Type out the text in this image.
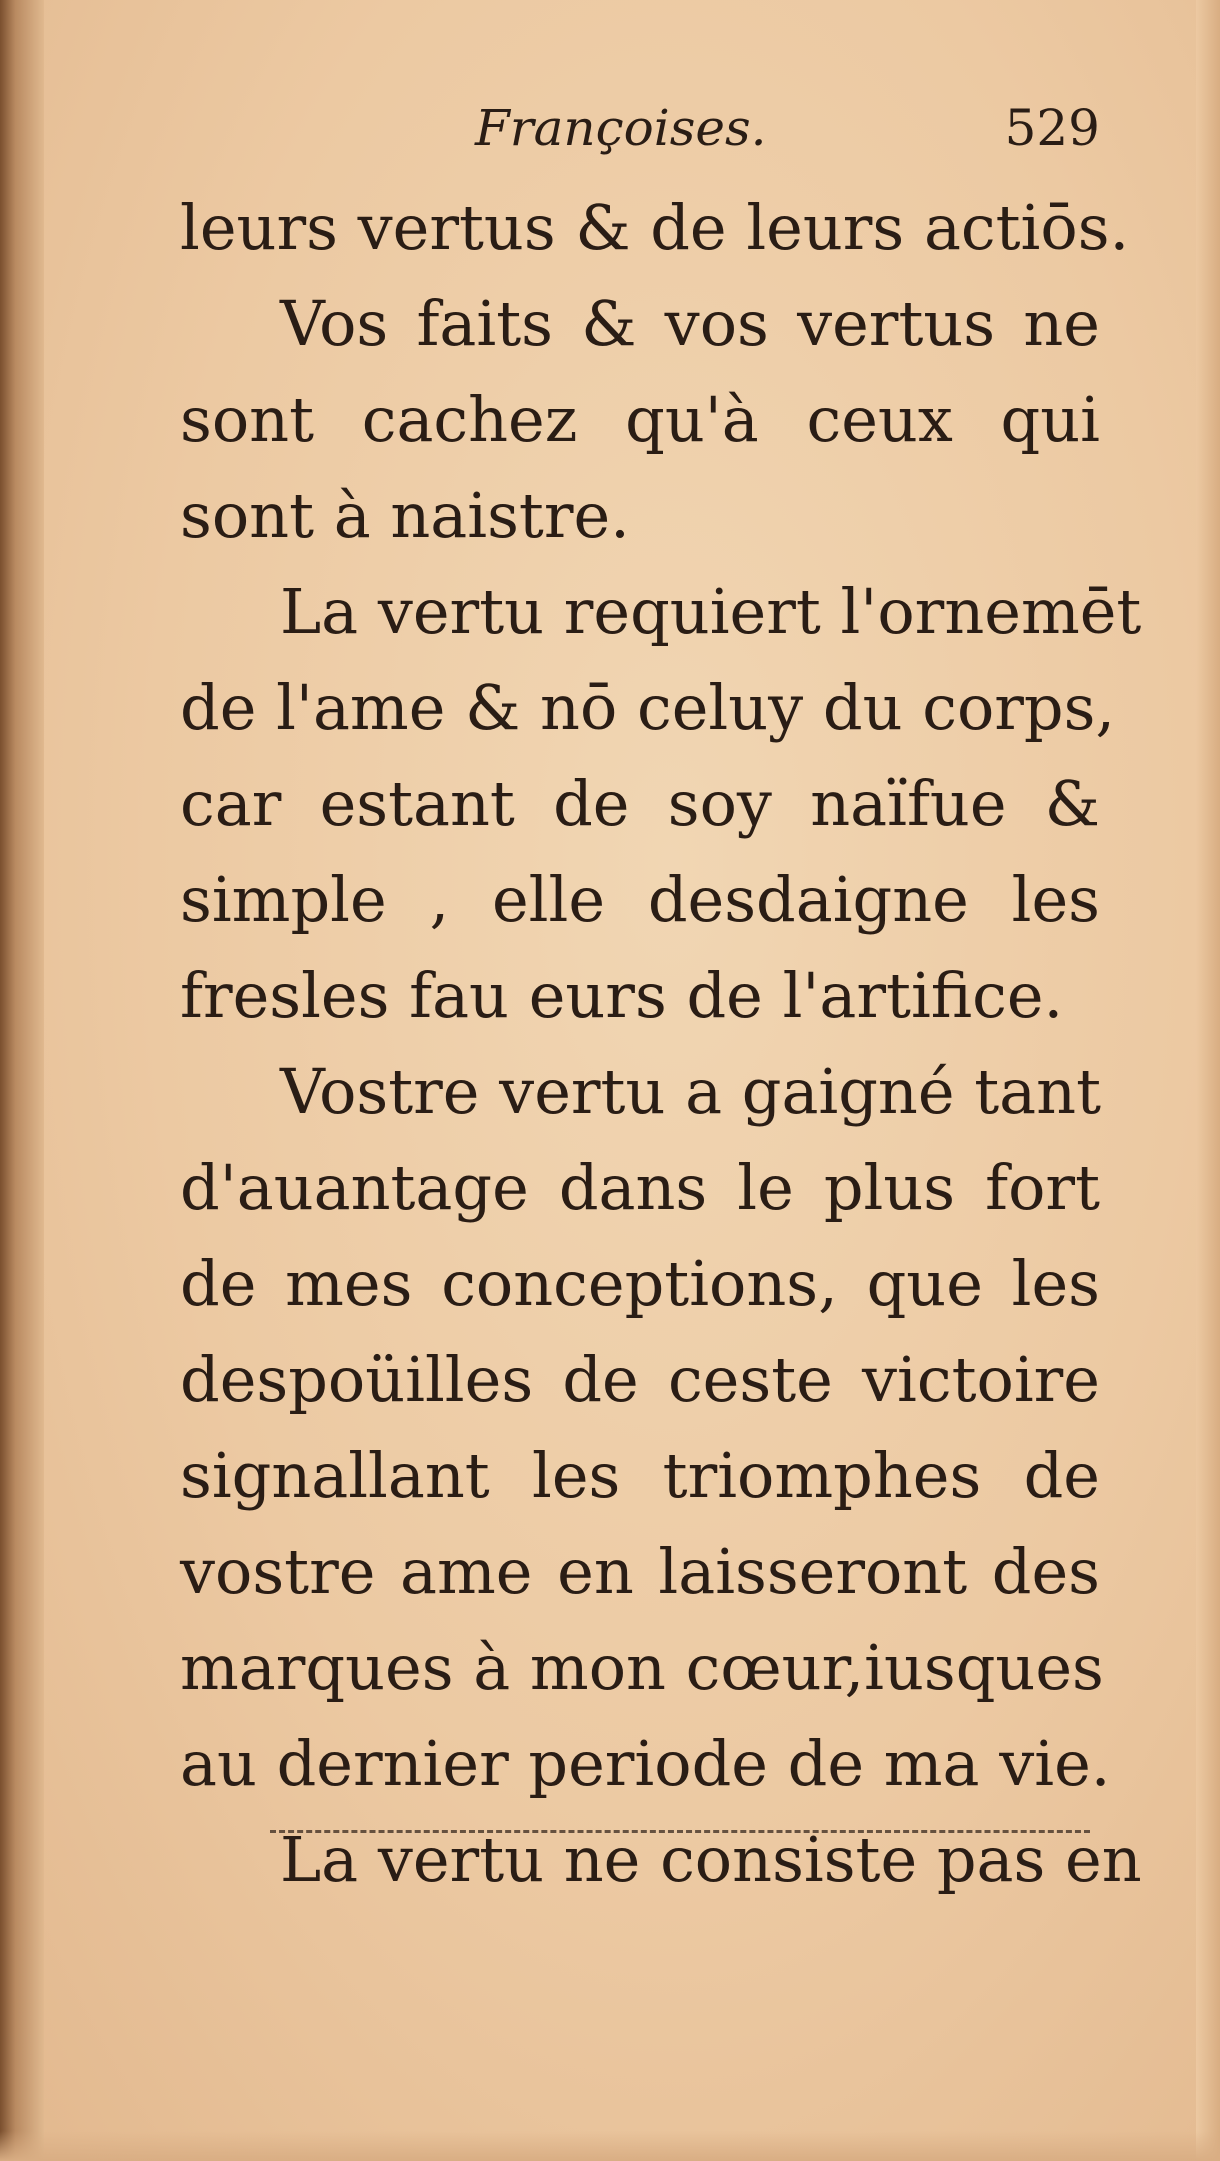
Françoises.	529
leurs vertus & de leurs actiōs.
Vos faits & vos vertus ne
sont cachez qu'à ceux qui
sont à naistre.
La vertu requiert l'ornemēt
de l'ame & nō celuy du corps,
car estant de soy naïfue &
simple , elle desdaigne les
fresles fau eurs de l'artifice.
Vostre vertu a gaigné tant
d'auantage dans le plus fort
de mes conceptions, que les
despoüilles de ceste victoire
signallant les triomphes de
vostre ame en laisseront des
marques à mon cœur,iusques
au dernier periode de ma vie.
La vertu ne consiste pas en
